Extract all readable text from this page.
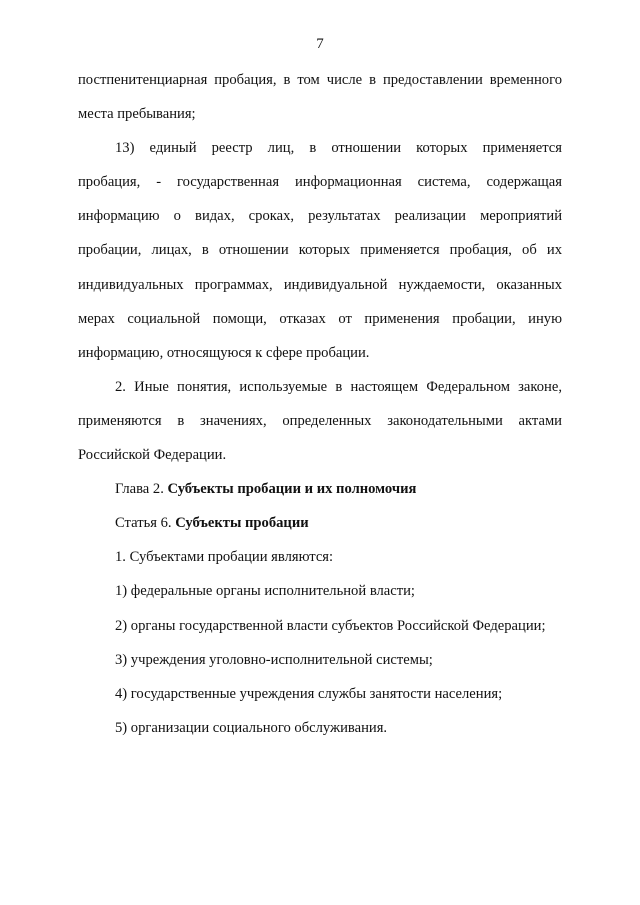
7
постпенитенциарная пробация, в том числе в предоставлении временного
места пребывания;
13) единый реестр лиц, в отношении которых применяется
пробация, - государственная информационная система, содержащая
информацию о видах, сроках, результатах реализации мероприятий
пробации, лицах, в отношении которых применяется пробация, об их
индивидуальных программах, индивидуальной нуждаемости, оказанных
мерах социальной помощи, отказах от применения пробации, иную
информацию, относящуюся к сфере пробации.
2. Иные понятия, используемые в настоящем Федеральном законе,
применяются в значениях, определенных законодательными актами
Российской Федерации.
Глава 2. Субъекты пробации и их полномочия
Статья 6. Субъекты пробации
1. Субъектами пробации являются:
1) федеральные органы исполнительной власти;
2) органы государственной власти субъектов Российской Федерации;
3) учреждения уголовно-исполнительной системы;
4) государственные учреждения службы занятости населения;
5) организации социального обслуживания.
